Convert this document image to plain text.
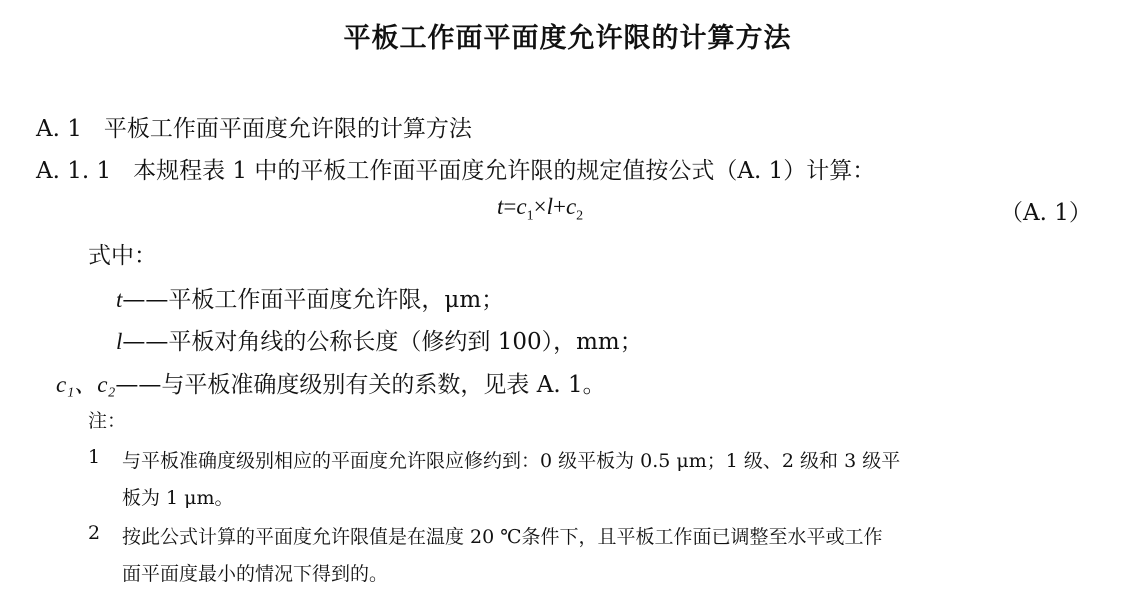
平板工作面平面度允许限的计算方法
A. 1 平板工作面平面度允许限的计算方法
A. 1. 1 本规程表 1 中的平板工作面平面度允许限的规定值按公式（A. 1）计算：
$t=c_1\times l+c_2$	（A. 1）
式中：
t——平板工作面平面度允许限，μm；
l——平板对角线的公称长度（修约到 100），mm；
c₁、c₂——与平板准确度级别有关的系数，见表 A. 1。
注：
1 与平板准确度级别相应的平面度允许限应修约到：0 级平板为 0.5 μm；1 级、2 级和 3 级平
板为 1 μm。
2 按此公式计算的平面度允许限值是在温度 20 ℃条件下，且平板工作面已调整至水平或工作
面平面度最小的情况下得到的。
